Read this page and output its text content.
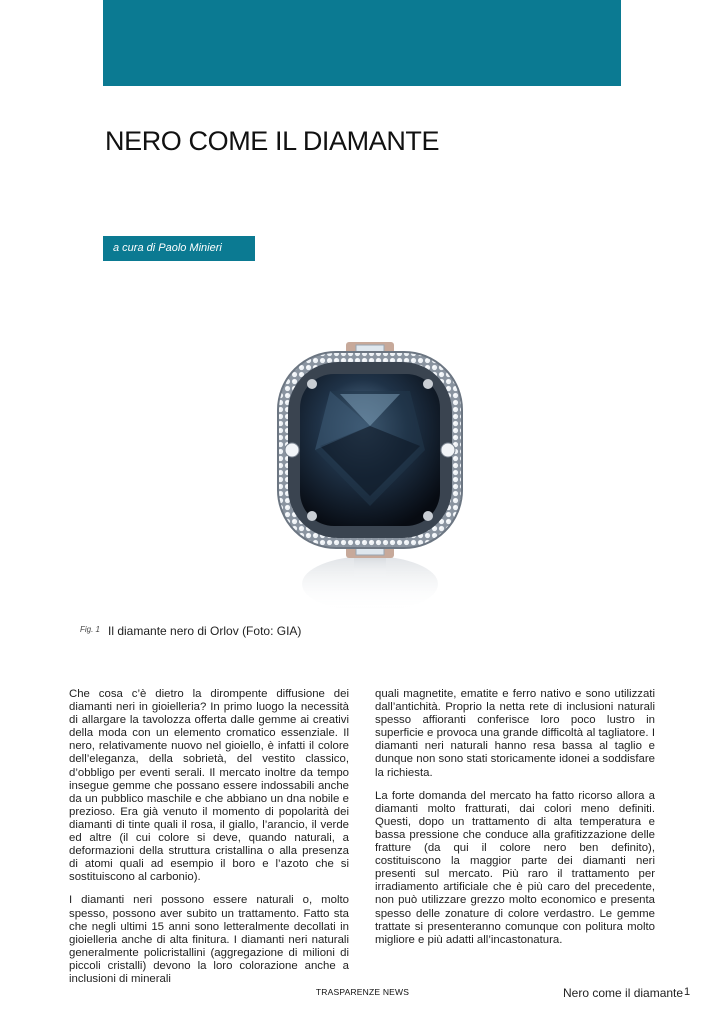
NERO COME IL DIAMANTE
a cura di Paolo Minieri
Fig. 1 Il diamante nero di Orlov (Foto: GIA)

Che cosa c’è dietro la dirompente diffusione dei diamanti neri in gioielleria? In primo luogo la necessità di allargare la tavolozza offerta dalle gemme ai creativi della moda con un elemento cromatico essenziale. Il nero, relativamente nuovo nel gioiello, è infatti il colore dell’eleganza, della sobrietà, del vestito classico, d’obbligo per eventi serali. Il mercato inoltre da tempo insegue gemme che possano essere indossabili anche da un pubblico maschile e che abbiano un dna nobile e prezioso. Era già venuto il momento di popolarità dei diamanti di tinte quali il rosa, il giallo, l’arancio, il verde ed altre (il cui colore si deve, quando naturali, a deformazioni della struttura cristallina o alla presenza di atomi quali ad esempio il boro e l’azoto che si sostituiscono al carbonio).

I diamanti neri possono essere naturali o, molto spesso, possono aver subito un trattamento. Fatto sta che negli ultimi 15 anni sono letteralmente decollati in gioielleria anche di alta finitura. I diamanti neri naturali generalmente policristallini (aggregazione di milioni di piccoli cristalli) devono la loro colorazione anche a inclusioni di minerali

quali magnetite, ematite e ferro nativo e sono utilizzati dall’antichità. Proprio la netta rete di inclusioni naturali spesso affioranti conferisce loro poco lustro in superficie e provoca una grande difficoltà al tagliatore. I diamanti neri naturali hanno resa bassa al taglio e dunque non sono stati storicamente idonei a soddisfare la richiesta.

La forte domanda del mercato ha fatto ricorso allora a diamanti molto fratturati, dai colori meno definiti. Questi, dopo un trattamento di alta temperatura e bassa pressione che conduce alla grafitizzazione delle fratture (da qui il colore nero ben definito), costituiscono la maggior parte dei diamanti neri presenti sul mercato. Più raro il trattamento per irradiamento artificiale che è più caro del precedente, non può utilizzare grezzo molto economico e presenta spesso delle zonature di colore verdastro. Le gemme trattate si presenteranno comunque con politura molto migliore e più adatti all’incastonatura.

TRASPARENZE NEWS	Nero come il diamante 1
